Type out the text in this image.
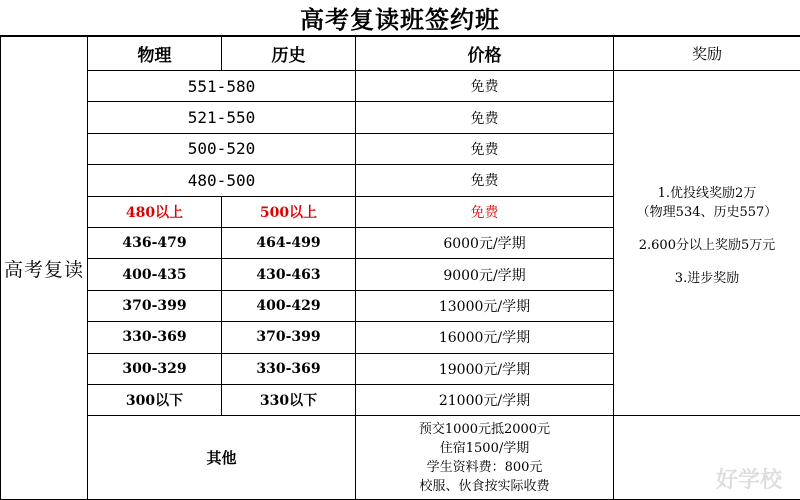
高考复读班签约班
高考复读	物理	历史	价格	奖励
	551-580		免费	1.优投线奖励2万
（物理534、历史557）

2.600分以上奖励5万元

3.进步奖励

	521-550		免费	
	500-520		免费	
	480-500		免费	
	480以上	500以上	免费	
	436-479	464-499	6000元/学期	
	400-435	430-463	9000元/学期	
	370-399	400-429	13000元/学期	
	330-369	370-399	16000元/学期	
	300-329	330-369	19000元/学期	
	300以下	330以下	21000元/学期	
	其他		预交1000元抵2000元
住宿1500/学期
学生资料费：800元
校服、伙食按实际收费	
		好学校
